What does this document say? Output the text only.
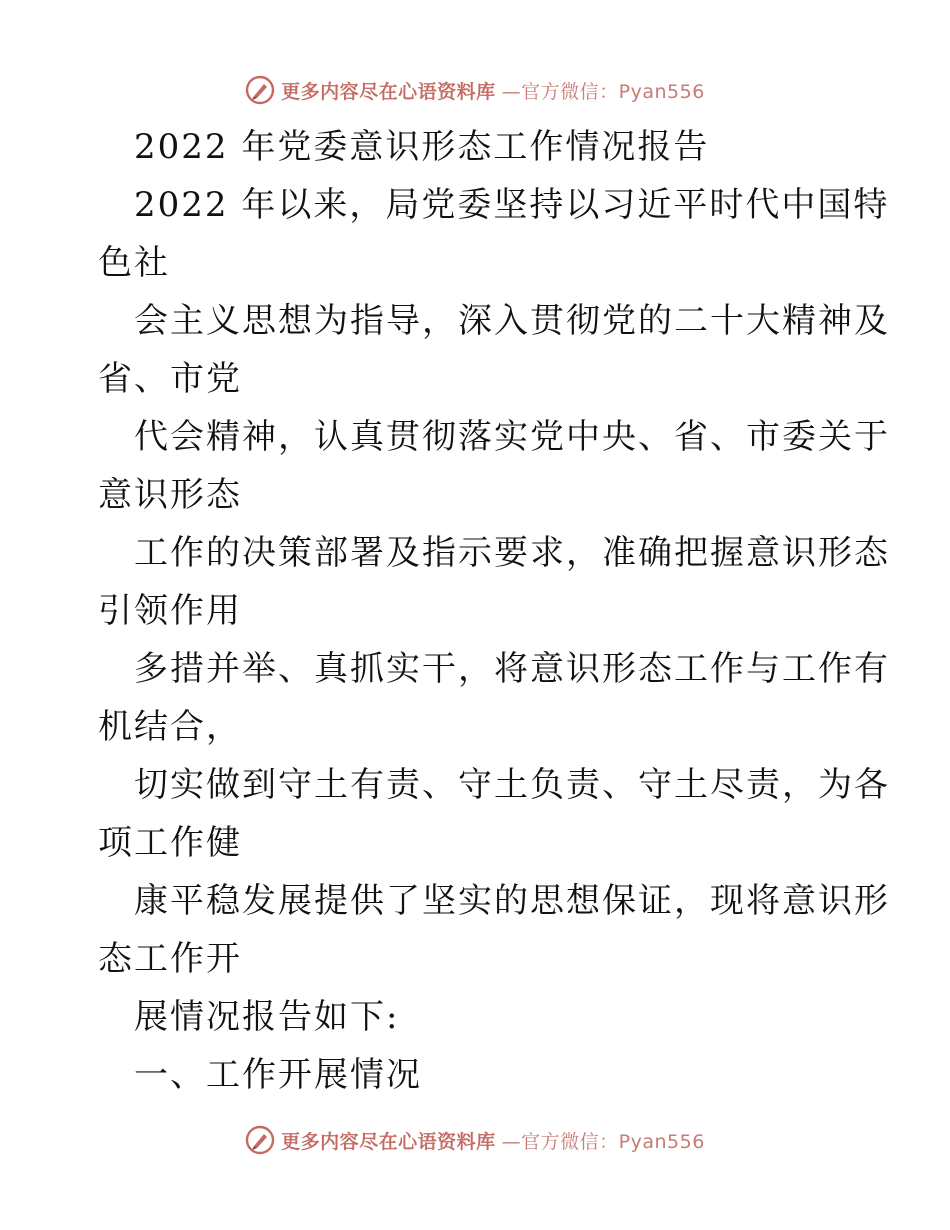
更多内容尽在心语资料库 —官方微信：Pyan556
2022 年党委意识形态工作情况报告
2022 年以来，局党委坚持以习近平时代中国特
色社
会主义思想为指导，深入贯彻党的二十大精神及
省、市党
代会精神，认真贯彻落实党中央、省、市委关于
意识形态
工作的决策部署及指示要求，准确把握意识形态
引领作用
多措并举、真抓实干，将意识形态工作与工作有
机结合，
切实做到守土有责、守土负责、守土尽责，为各
项工作健
康平稳发展提供了坚实的思想保证，现将意识形
态工作开
展情况报告如下:
一、工作开展情况
更多内容尽在心语资料库 —官方微信：Pyan556
